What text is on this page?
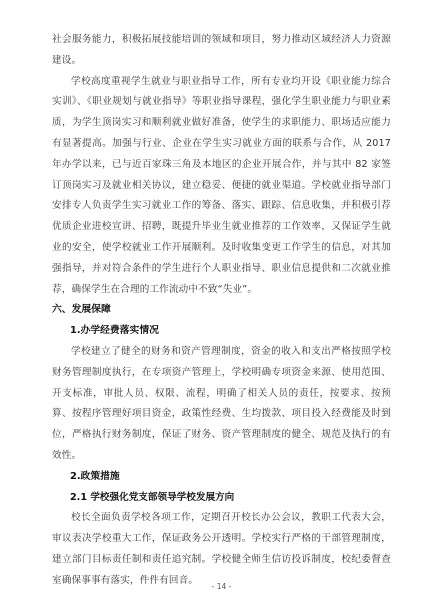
社会服务能力，积极拓展技能培训的领域和项目，努力推动区域经济人力资源建设。

学校高度重视学生就业与职业指导工作，所有专业均开设《职业能力综合实训》、《职业规划与就业指导》等职业指导课程，强化学生职业能力与职业素质，为学生顶岗实习和顺利就业做好准备，使学生的求职能力、职场适应能力有显著提高。加强与行业、企业在学生实习就业方面的联系与合作，从 2017 年办学以来，已与近百家珠三角及本地区的企业开展合作，并与其中 82 家签订顶岗实习及就业相关协议，建立稳妥、便捷的就业渠道。学校就业指导部门安排专人负责学生实习就业工作的筹备、落实、跟踪、信息收集，并积极引荐优质企业进校宣讲、招聘，既提升毕业生就业推荐的工作效率，又保证学生就业的安全，使学校就业工作开展顺利。及时收集变更工作学生的信息，对其加强指导，并对符合条件的学生进行个人职业指导、职业信息提供和二次就业推荐，确保学生在合理的工作流动中不致“失业”。

六、发展保障

1.办学经费落实情况

学校建立了健全的财务和资产管理制度，资金的收入和支出严格按照学校财务管理制度执行，在专项资产管理上，学校明确专项资金来源、使用范围、开支标准，审批人员、权限、流程，明确了相关人员的责任，按要求、按预算、按程序管理好项目资金，政策性经费、生均拨款、项目投入经费能及时到位，严格执行财务制度，保证了财务、资产管理制度的健全、规范及执行的有效性。

2.政策措施

2.1 学校强化党支部领导学校发展方向

校长全面负责学校各项工作，定期召开校长办公会议，教职工代表大会，审议表决学校重大工作，保证政务公开透明。学校实行严格的干部管理制度，建立部门目标责任制和责任追究制。学校健全师生信访投诉制度，校纪委督查室确保事事有落实，件件有回音。

- 14 -
